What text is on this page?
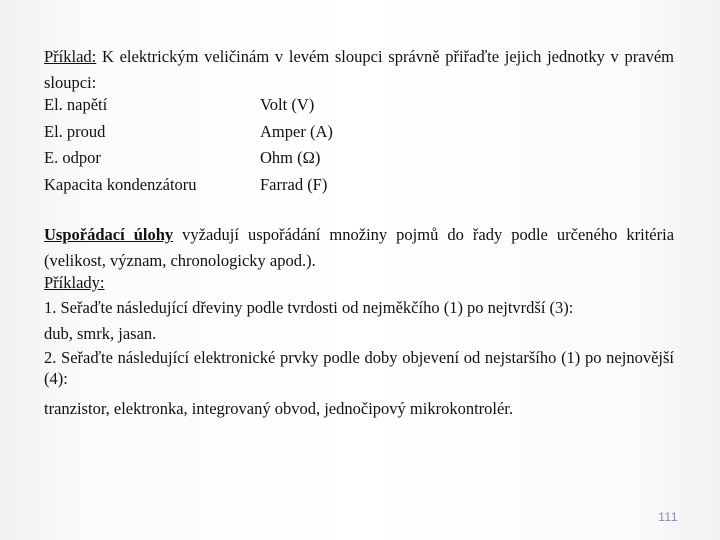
Příklad: K elektrickým veličinám v levém sloupci správně přiřaďte jejich jednotky v pravém sloupci:
El. napětí	Volt (V)
El. proud	Amper (A)
E. odpor	Ohm (Ω)
Kapacita kondenzátoru	Farrad (F)
Uspořádací úlohy vyžadují uspořádání množiny pojmů do řady podle určeného kritéria (velikost, význam, chronologicky apod.).
Příklady:
1. Seřaďte následující dřeviny podle tvrdosti od nejměkčího (1) po nejtvrdší (3):
dub, smrk, jasan.
2. Seřaďte následující elektronické prvky podle doby objevení od nejstaršího (1) po nejnovější (4):
tranzistor, elektronka, integrovaný obvod, jednočipový mikrokontrolér.
111
